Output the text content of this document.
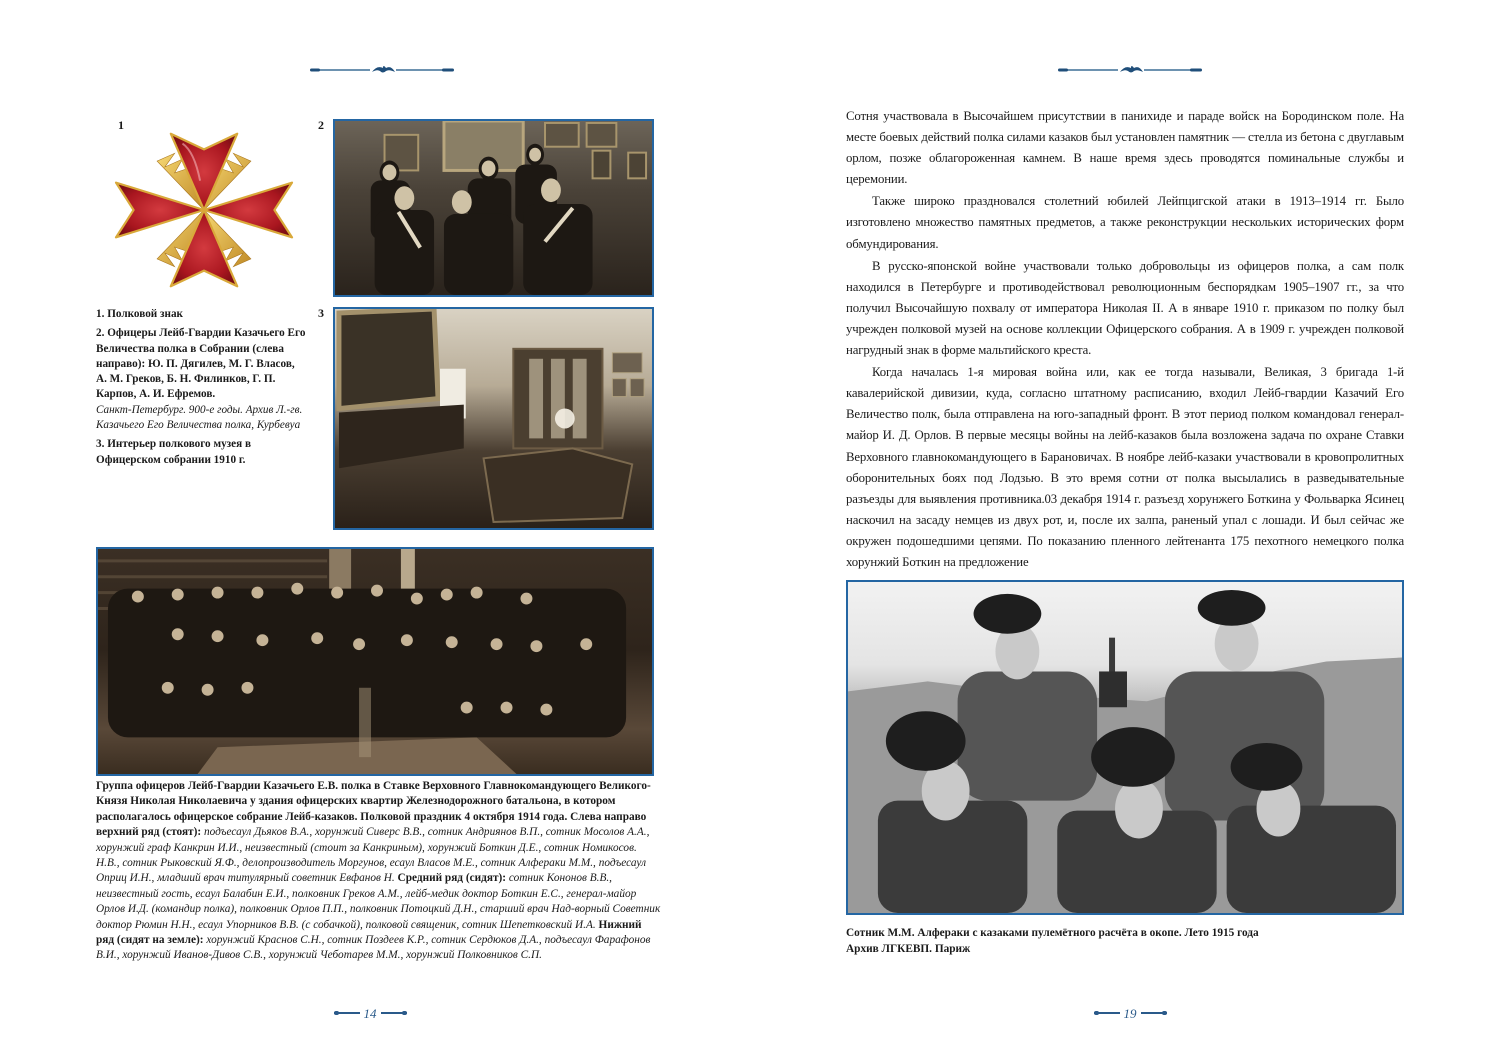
1	2
3
1. Полковой знак
2. Офицеры Лейб-Гвардии Казачьего Его Величества полка в Собрании (слева направо): Ю. П. Дягилев, М. Г. Власов, А. М. Греков, Б. Н. Филинков, Г. П. Карпов, А. И. Ефремов.
Санкт-Петербург. 900-е годы. Архив Л.-гв. Казачьего Его Величества полка, Курбевуа
3. Интерьер полкового музея в Офицерском собрании 1910 г.
Группа офицеров Лейб-Гвардии Казачьего Е.В. полка в Ставке Верховного Главнокомандующего Великого-Князя Николая Николаевича у здания офицерских квартир Железнодорожного батальона, в котором располагалось офицерское собрание Лейб-казаков. Полковой праздник 4 октября 1914 года. Слева направо верхний ряд (стоят): подъесаул Дьяков В.А., хорунжий Сиверс В.В., сотник Андриянов В.П., сотник Мосолов А.А., хорунжий граф Канкрин И.И., неизвестный (стоит за Канкриным), хорунжий Боткин Д.Е., сотник Номикосов. Н.В., сотник Рыковский Я.Ф., делопроизводитель Моргунов, есаул Власов М.Е., сотник Алфераки М.М., подъесаул Оприц И.Н., младший врач титулярный советник Евфанов Н. Средний ряд (сидят): сотник Кононов В.В., неизвестный гость, есаул Балабин Е.И., полковник Греков А.М., лейб-медик доктор Боткин Е.С., генерал-майор Орлов И.Д. (командир полка), полковник Орлов П.П., полковник Потоцкий Д.Н., старший врач Над-ворный Советник доктор Рюмин Н.Н., есаул Упорников В.В. (с собачкой), полковой священик, сотник Шепетковский И.А. Нижний ряд (сидят на земле): хорунжий Краснов С.Н., сотник Поздеев К.Р., сотник Сердюков Д.А., подъесаул Фарафонов В.И., хорунжий Иванов-Дивов С.В., хорунжий Чеботарев М.М., хорунжий Полковников С.П.
14

Сотня участвовала в Высочайшем присутствии в панихиде и параде войск на Бородинском поле. На месте боевых действий полка силами казаков был установлен памятник — стелла из бетона с двуглавым орлом, позже облагороженная камнем. В наше время здесь проводятся поминальные службы и церемонии.

Также широко праздновался столетний юбилей Лейпцигской атаки в 1913–1914 гг. Было изготовлено множество памятных предметов, а также реконструкции нескольких исторических форм обмундирования.

В русско-японской войне участвовали только добровольцы из офицеров полка, а сам полк находился в Петербурге и противодействовал революционным беспорядкам 1905–1907 гг., за что получил Высочайшую похвалу от императора Николая II. А в январе 1910 г. приказом по полку был учрежден полковой музей на основе коллекции Офицерского собрания. А в 1909 г. учрежден полковой нагрудный знак в форме мальтийского креста.

Когда началась 1-я мировая война или, как ее тогда называли, Великая, 3 бригада 1-й кавалерийской дивизии, куда, согласно штатному расписанию, входил Лейб-гвардии Казачий Его Величество полк, была отправлена на юго-западный фронт. В этот период полком командовал генерал-майор И. Д. Орлов. В первые месяцы войны на лейб-казаков была возложена задача по охране Ставки Верховного главнокомандующего в Барановичах. В ноябре лейб-казаки участвовали в кровопролитных оборонительных боях под Лодзью. В это время сотни от полка высылались в разведывательные разъезды для выявления противника.03 декабря 1914 г. разъезд хорунжего Боткина у Фольварка Ясинец наскочил на засаду немцев из двух рот, и, после их залпа, раненый упал с лошади. И был сейчас же окружен подошедшими цепями. По показанию пленного лейтенанта 175 пехотного немецкого полка хорунжий Боткин на предложение

Сотник М.М. Алфераки с казаками пулемётного расчёта в окопе. Лето 1915 года
Архив ЛГКЕВП. Париж
19
